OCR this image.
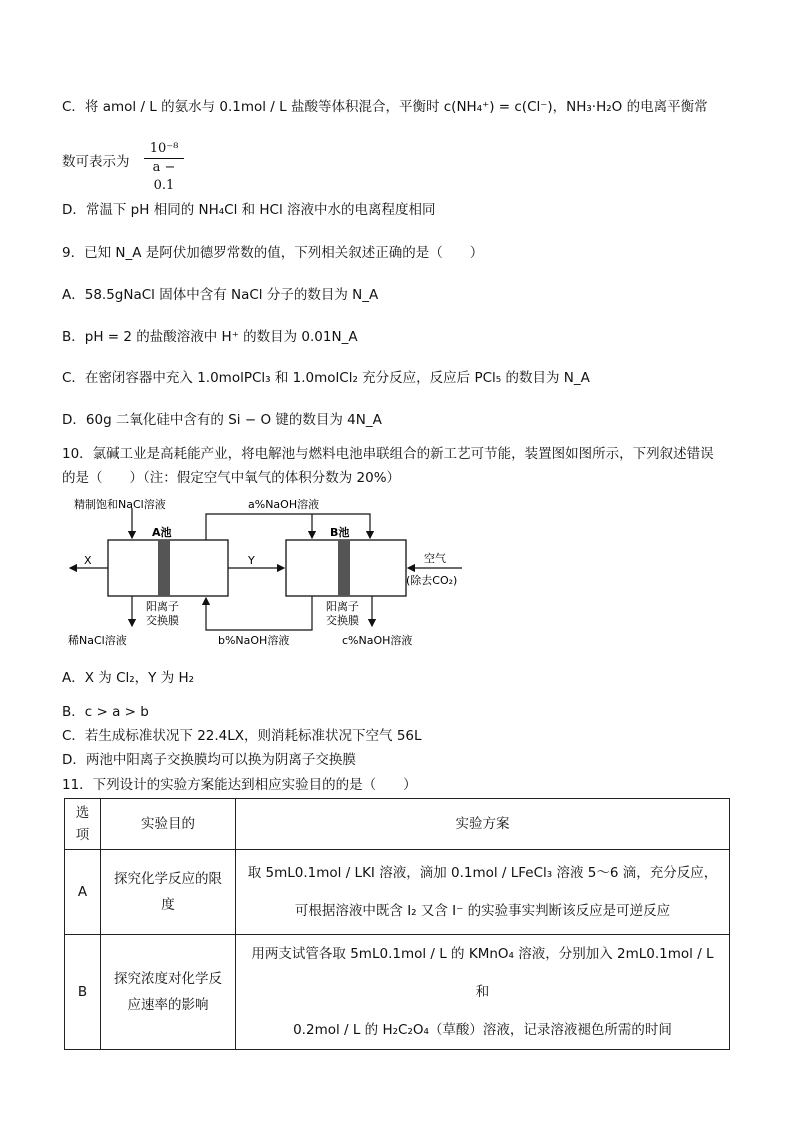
C．将 amol / L 的氨水与 0.1mol / L 盐酸等体积混合，平衡时 c(NH₄⁺) = c(Cl⁻)，NH₃·H₂O 的电离平衡常
数可表示为
10⁻⁸
a − 0.1
D．常温下 pH 相同的 NH₄Cl 和 HCl 溶液中水的电离程度相同
9．已知 N_A 是阿伏加德罗常数的值，下列相关叙述正确的是（　　）
A．58.5gNaCl 固体中含有 NaCl 分子的数目为 N_A
B．pH = 2 的盐酸溶液中 H⁺ 的数目为 0.01N_A
C．在密闭容器中充入 1.0molPCl₃ 和 1.0molCl₂ 充分反应，反应后 PCl₅ 的数目为 N_A
D．60g 二氧化硅中含有的 Si − O 键的数目为 4N_A
10．氯碱工业是高耗能产业，将电解池与燃料电池串联组合的新工艺可节能，装置图如图所示，下列叙述错误
的是（　　）（注：假定空气中氧气的体积分数为 20%）
精制饱和NaCl溶液
A池
a%NaOH溶液
B池
X	Y	空气
(除去CO₂)
稀NaCl溶液
阳离子
交换膜
阳离子
交换膜
b%NaOH溶液	c%NaOH溶液
A．X 为 Cl₂，Y 为 H₂
B．c > a > b
C．若生成标准状况下 22.4LX，则消耗标准状况下空气 56L
D．两池中阳离子交换膜均可以换为阴离子交换膜
11．下列设计的实验方案能达到相应实验目的的是（　　）
选项	实验目的	实验方案
A	探究化学反应的限度	取 5mL0.1mol / LKI 溶液，滴加 0.1mol / LFeCl₃ 溶液 5～6 滴，充分反应，
可根据溶液中既含 I₂ 又含 I⁻ 的实验事实判断该反应是可逆反应

B	探究浓度对化学反应速率的影响	用两支试管各取 5mL0.1mol / L 的 KMnO₄ 溶液，分别加入 2mL0.1mol / L 和
0.2mol / L 的 H₂C₂O₄（草酸）溶液，记录溶液褪色所需的时间
